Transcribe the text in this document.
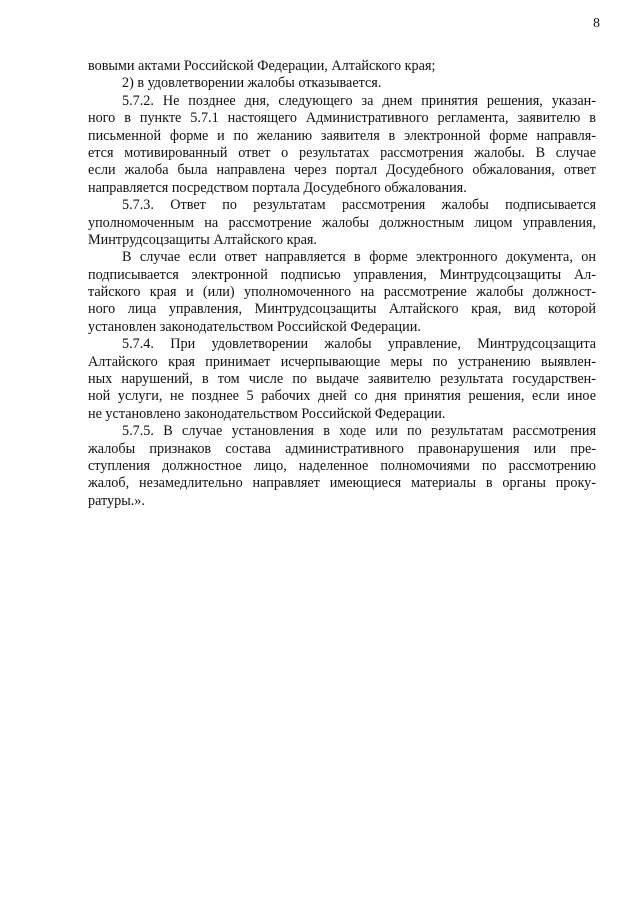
8
вовыми актами Российской Федерации, Алтайского края;
2) в удовлетворении жалобы отказывается.
5.7.2. Не позднее дня, следующего за днем принятия решения, указан-
ного в пункте 5.7.1 настоящего Административного регламента, заявителю в
письменной форме и по желанию заявителя в электронной форме направля-
ется мотивированный ответ о результатах рассмотрения жалобы. В случае
если жалоба была направлена через портал Досудебного обжалования, ответ
направляется посредством портала Досудебного обжалования.
5.7.3. Ответ по результатам рассмотрения жалобы подписывается
уполномоченным на рассмотрение жалобы должностным лицом управления,
Минтрудсоцзащиты Алтайского края.
В случае если ответ направляется в форме электронного документа, он
подписывается электронной подписью управления, Минтрудсоцзащиты Ал-
тайского края и (или) уполномоченного на рассмотрение жалобы должност-
ного лица управления, Минтрудсоцзащиты Алтайского края, вид которой
установлен законодательством Российской Федерации.
5.7.4. При удовлетворении жалобы управление, Минтрудсоцзащита
Алтайского края принимает исчерпывающие меры по устранению выявлен-
ных нарушений, в том числе по выдаче заявителю результата государствен-
ной услуги, не позднее 5 рабочих дней со дня принятия решения, если иное
не установлено законодательством Российской Федерации.
5.7.5. В случае установления в ходе или по результатам рассмотрения
жалобы признаков состава административного правонарушения или пре-
ступления должностное лицо, наделенное полномочиями по рассмотрению
жалоб, незамедлительно направляет имеющиеся материалы в органы проку-
ратуры.».
